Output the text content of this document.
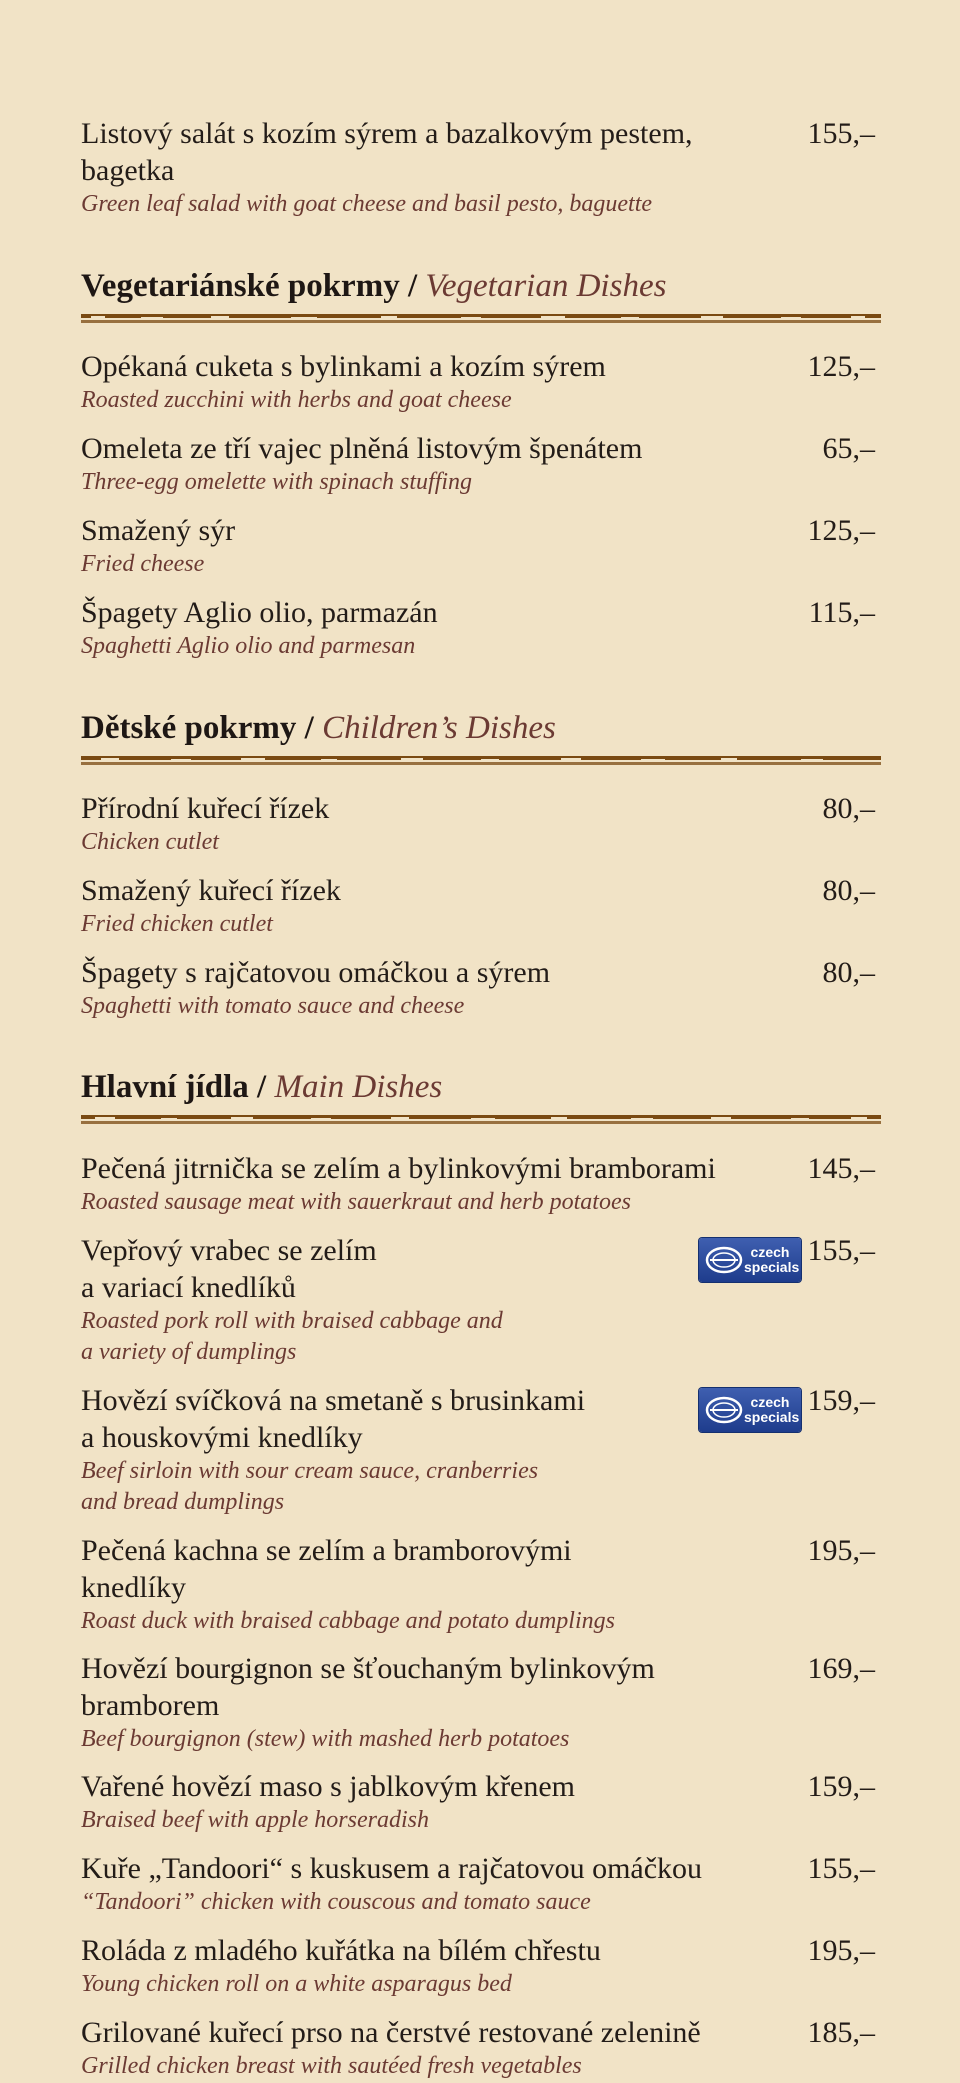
Listový salát s kozím sýrem a bazalkovým pestem, bagetka
Green leaf salad with goat cheese and basil pesto, baguette
155,–
Vegetariánské pokrmy / Vegetarian Dishes
Opékaná cuketa s bylinkami a kozím sýrem
Roasted zucchini with herbs and goat cheese
125,–
Omeleta ze tří vajec plněná listovým špenátem
Three-egg omelette with spinach stuffing
65,–
Smažený sýr
Fried cheese
125,–
Špagety Aglio olio, parmazán
Spaghetti Aglio olio and parmesan
115,–
Dětské pokrmy / Children’s Dishes
Přírodní kuřecí řízek
Chicken cutlet
80,–
Smažený kuřecí řízek
Fried chicken cutlet
80,–
Špagety s rajčatovou omáčkou a sýrem
Spaghetti with tomato sauce and cheese
80,–
Hlavní jídla / Main Dishes
Pečená jitrnička se zelím a bylinkovými bramborami
Roasted sausage meat with sauerkraut and herb potatoes
145,–
Vepřový vrabec se zelím
a variací knedlíků
Roasted pork roll with braised cabbage and
a variety of dumplings
czech specials 155,–
Hovězí svíčková na smetaně s brusinkami
a houskovými knedlíky
Beef sirloin with sour cream sauce, cranberries
and bread dumplings
czech specials 159,–
Pečená kachna se zelím a bramborovými knedlíky
Roast duck with braised cabbage and potato dumplings
195,–
Hovězí bourgignon se šťouchaným bylinkovým bramborem
Beef bourgignon (stew) with mashed herb potatoes
169,–
Vařené hovězí maso s jablkovým křenem
Braised beef with apple horseradish
159,–
Kuře „Tandoori“ s kuskusem a rajčatovou omáčkou
“Tandoori” chicken with couscous and tomato sauce
155,–
Roláda z mladého kuřátka na bílém chřestu
Young chicken roll on a white asparagus bed
195,–
Grilované kuřecí prso na čerstvé restované zelenině
Grilled chicken breast with sautéed fresh vegetables
185,–
